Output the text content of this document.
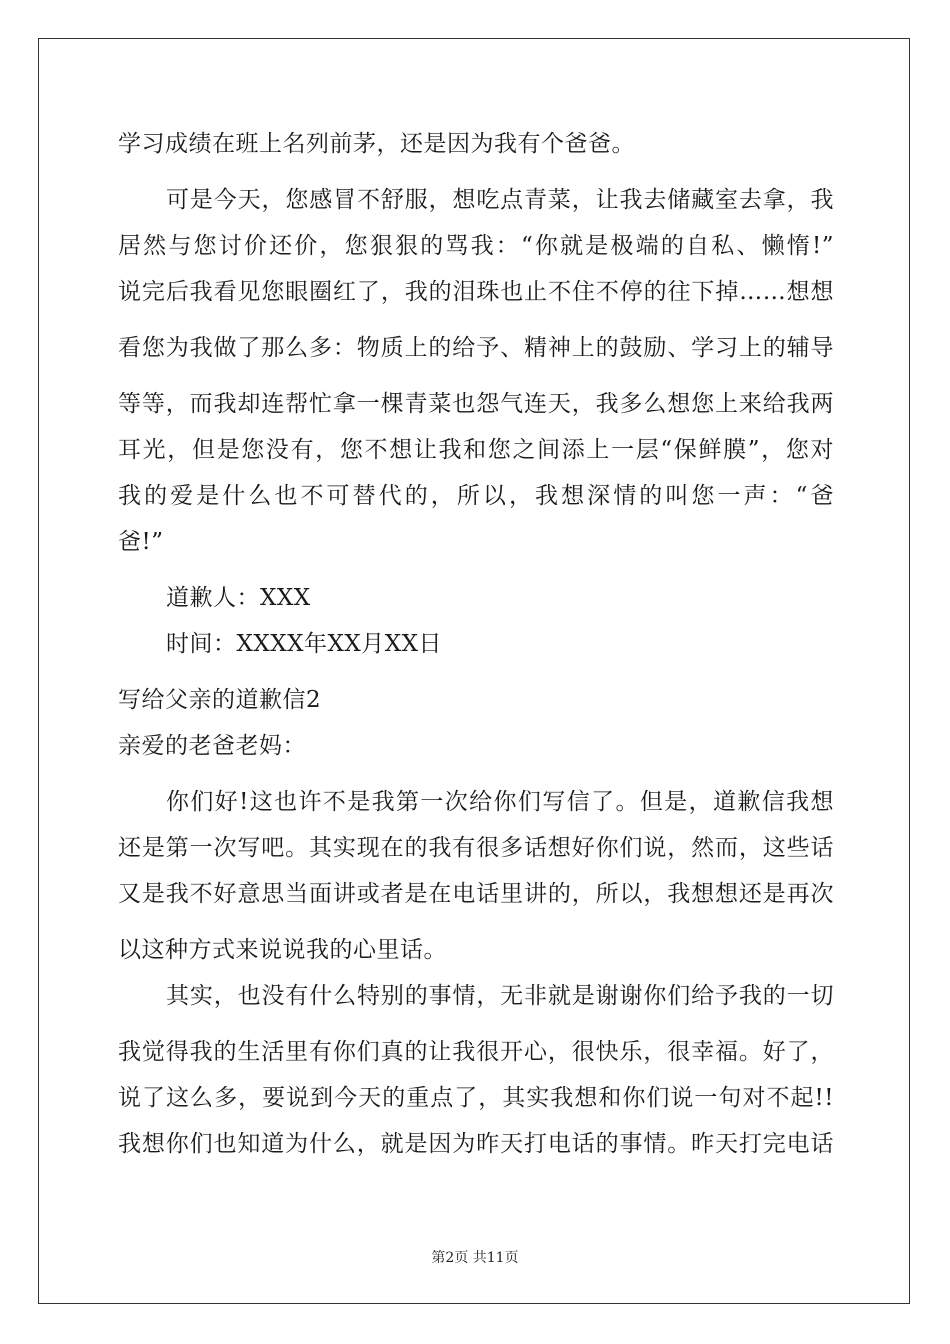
学习成绩在班上名列前茅，还是因为我有个爸爸。
可是今天，您感冒不舒服，想吃点青菜，让我去储藏室去拿，我
居然与您讨价还价，您狠狠的骂我：“你就是极端的自私、懒惰!”
说完后我看见您眼圈红了，我的泪珠也止不住不停的往下掉……想想
看您为我做了那么多：物质上的给予、精神上的鼓励、学习上的辅导
等等，而我却连帮忙拿一棵青菜也怨气连天，我多么想您上来给我两
耳光，但是您没有，您不想让我和您之间添上一层“保鲜膜”，您对
我的爱是什么也不可替代的，所以，我想深情的叫您一声：“爸
爸!”
道歉人：XXX
时间：XXXX年XX月XX日
写给父亲的道歉信2
亲爱的老爸老妈：
你们好!这也许不是我第一次给你们写信了。但是，道歉信我想
还是第一次写吧。其实现在的我有很多话想好你们说，然而，这些话
又是我不好意思当面讲或者是在电话里讲的，所以，我想想还是再次
以这种方式来说说我的心里话。
其实，也没有什么特别的事情，无非就是谢谢你们给予我的一切
我觉得我的生活里有你们真的让我很开心，很快乐，很幸福。好了，
说了这么多，要说到今天的重点了，其实我想和你们说一句对不起!!
我想你们也知道为什么，就是因为昨天打电话的事情。昨天打完电话
第2页 共11页
